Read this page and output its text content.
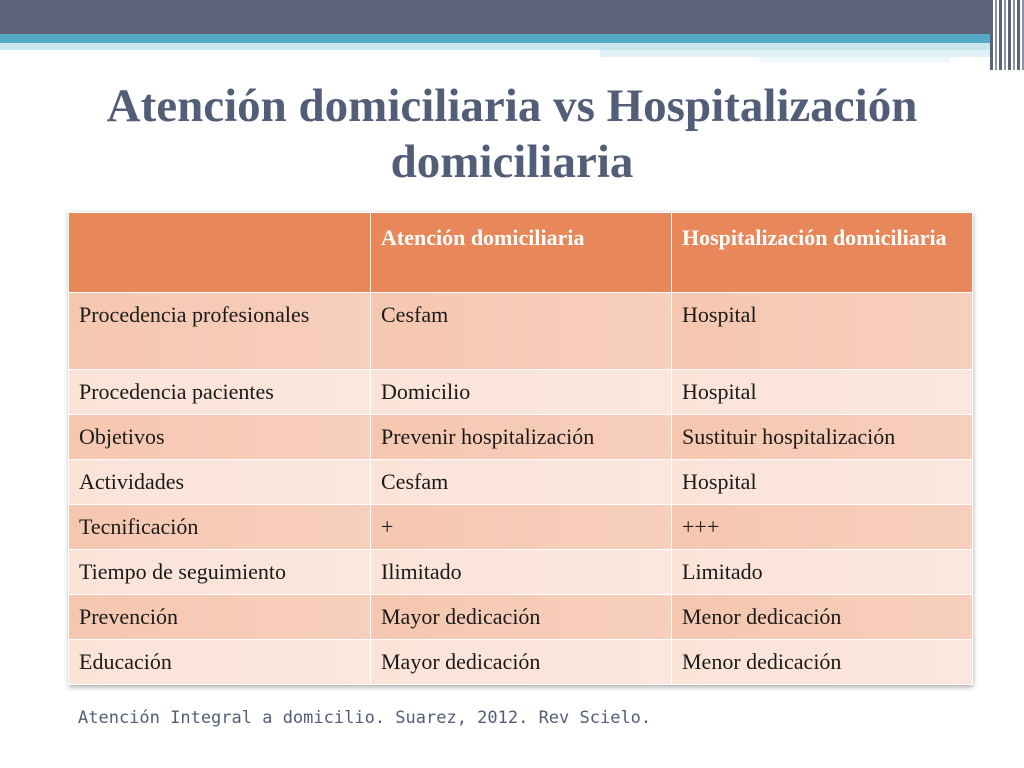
Atención domiciliaria vs Hospitalización domiciliaria
	Atención domiciliaria	Hospitalización domiciliaria
Procedencia profesionales	Cesfam	Hospital
Procedencia pacientes	Domicilio	Hospital
Objetivos	Prevenir hospitalización	Sustituir hospitalización
Actividades	Cesfam	Hospital
Tecnificación	+	+++
Tiempo de seguimiento	Ilimitado	Limitado
Prevención	Mayor dedicación	Menor dedicación
Educación	Mayor dedicación	Menor dedicación
Atención Integral a domicilio. Suarez, 2012. Rev Scielo.
